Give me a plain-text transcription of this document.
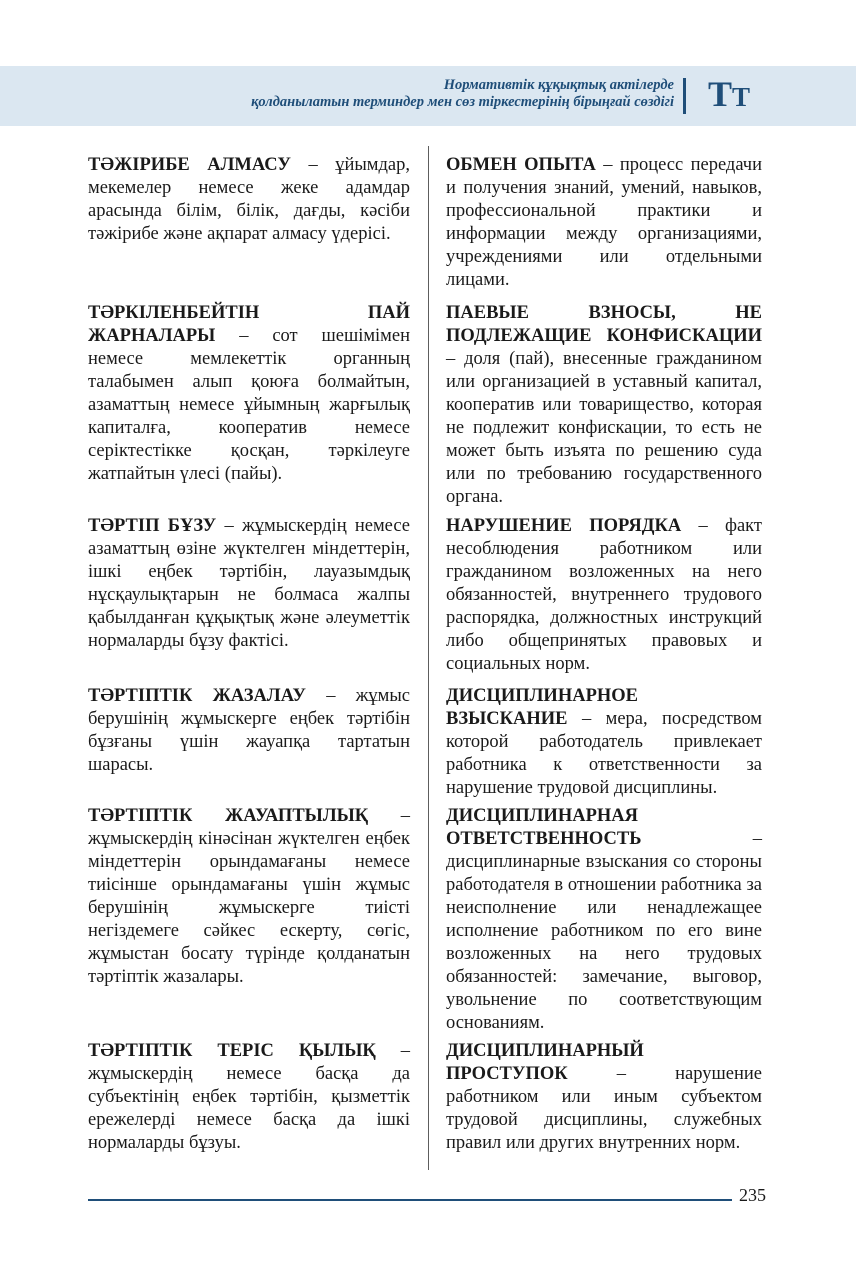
Нормативтік құқықтық актілерде
қолданылатын терминдер мен сөз тіркестерінің бірыңғай сөздігі ТТ

ТӘЖІРИБЕ АЛМАСУ – ұйымдар, мекемелер немесе жеке адамдар арасында білім, білік, дағды, кәсіби тәжірибе және ақпарат алмасу үдерісі.

ТӘРКІЛЕНБЕЙТІН ПАЙ ЖАРНАЛАРЫ – сот шешімімен немесе мемлекеттік органның талабымен алып қоюға болмайтын, азаматтың немесе ұйымның жарғылық капиталға, кооператив немесе серіктестікке қосқан, тәркілеуге жатпайтын үлесі (пайы).

ТӘРТІП БҰЗУ – жұмыскердің немесе азаматтың өзіне жүктелген міндеттерін, ішкі еңбек тәртібін, лауазымдық нұсқаулықтарын не болмаса жалпы қабылданған құқықтық және әлеуметтік нормаларды бұзу фактісі.

ТӘРТІПТІК ЖАЗАЛАУ – жұмыс берушінің жұмыскерге еңбек тәртібін бұзғаны үшін жауапқа тартатын шарасы.

ТӘРТІПТІК ЖАУАПТЫЛЫҚ – жұмыскердің кінәсінан жүктелген еңбек міндеттерін орындамағаны немесе тиісінше орындамағаны үшін жұмыс берушінің жұмыскерге тиісті негіздемеге сәйкес ескерту, сөгіс, жұмыстан босату түрінде қолданатын тәртіптік жазалары.

ТӘРТІПТІК ТЕРІС ҚЫЛЫҚ – жұмыскердің немесе басқа да субъектінің еңбек тәртібін, қызметтік ережелерді немесе басқа да ішкі нормаларды бұзуы.

ОБМЕН ОПЫТА – процесс передачи и получения знаний, умений, навыков, профессиональной практики и информации между организациями, учреждениями или отдельными лицами.

ПАЕВЫЕ ВЗНОСЫ, НЕ ПОДЛЕЖАЩИЕ КОНФИСКАЦИИ – доля (пай), внесенные гражданином или организацией в уставный капитал, кооператив или товарищество, которая не подлежит конфискации, то есть не может быть изъята по решению суда или по требованию государственного органа.

НАРУШЕНИЕ ПОРЯДКА – факт несоблюдения работником или гражданином возложенных на него обязанностей, внутреннего трудового распорядка, должностных инструкций либо общепринятых правовых и социальных норм.

ДИСЦИПЛИНАРНОЕ ВЗЫСКАНИЕ – мера, посредством которой работодатель привлекает работника к ответственности за нарушение трудовой дисциплины.

ДИСЦИПЛИНАРНАЯ ОТВЕТСТВЕННОСТЬ – дисциплинарные взыскания со стороны работодателя в отношении работника за неисполнение или ненадлежащее исполнение работником по его вине возложенных на него трудовых обязанностей: замечание, выговор, увольнение по соответствующим основаниям.

ДИСЦИПЛИНАРНЫЙ ПРОСТУПОК – нарушение работником или иным субъектом трудовой дисциплины, служебных правил или других внутренних норм.

235
